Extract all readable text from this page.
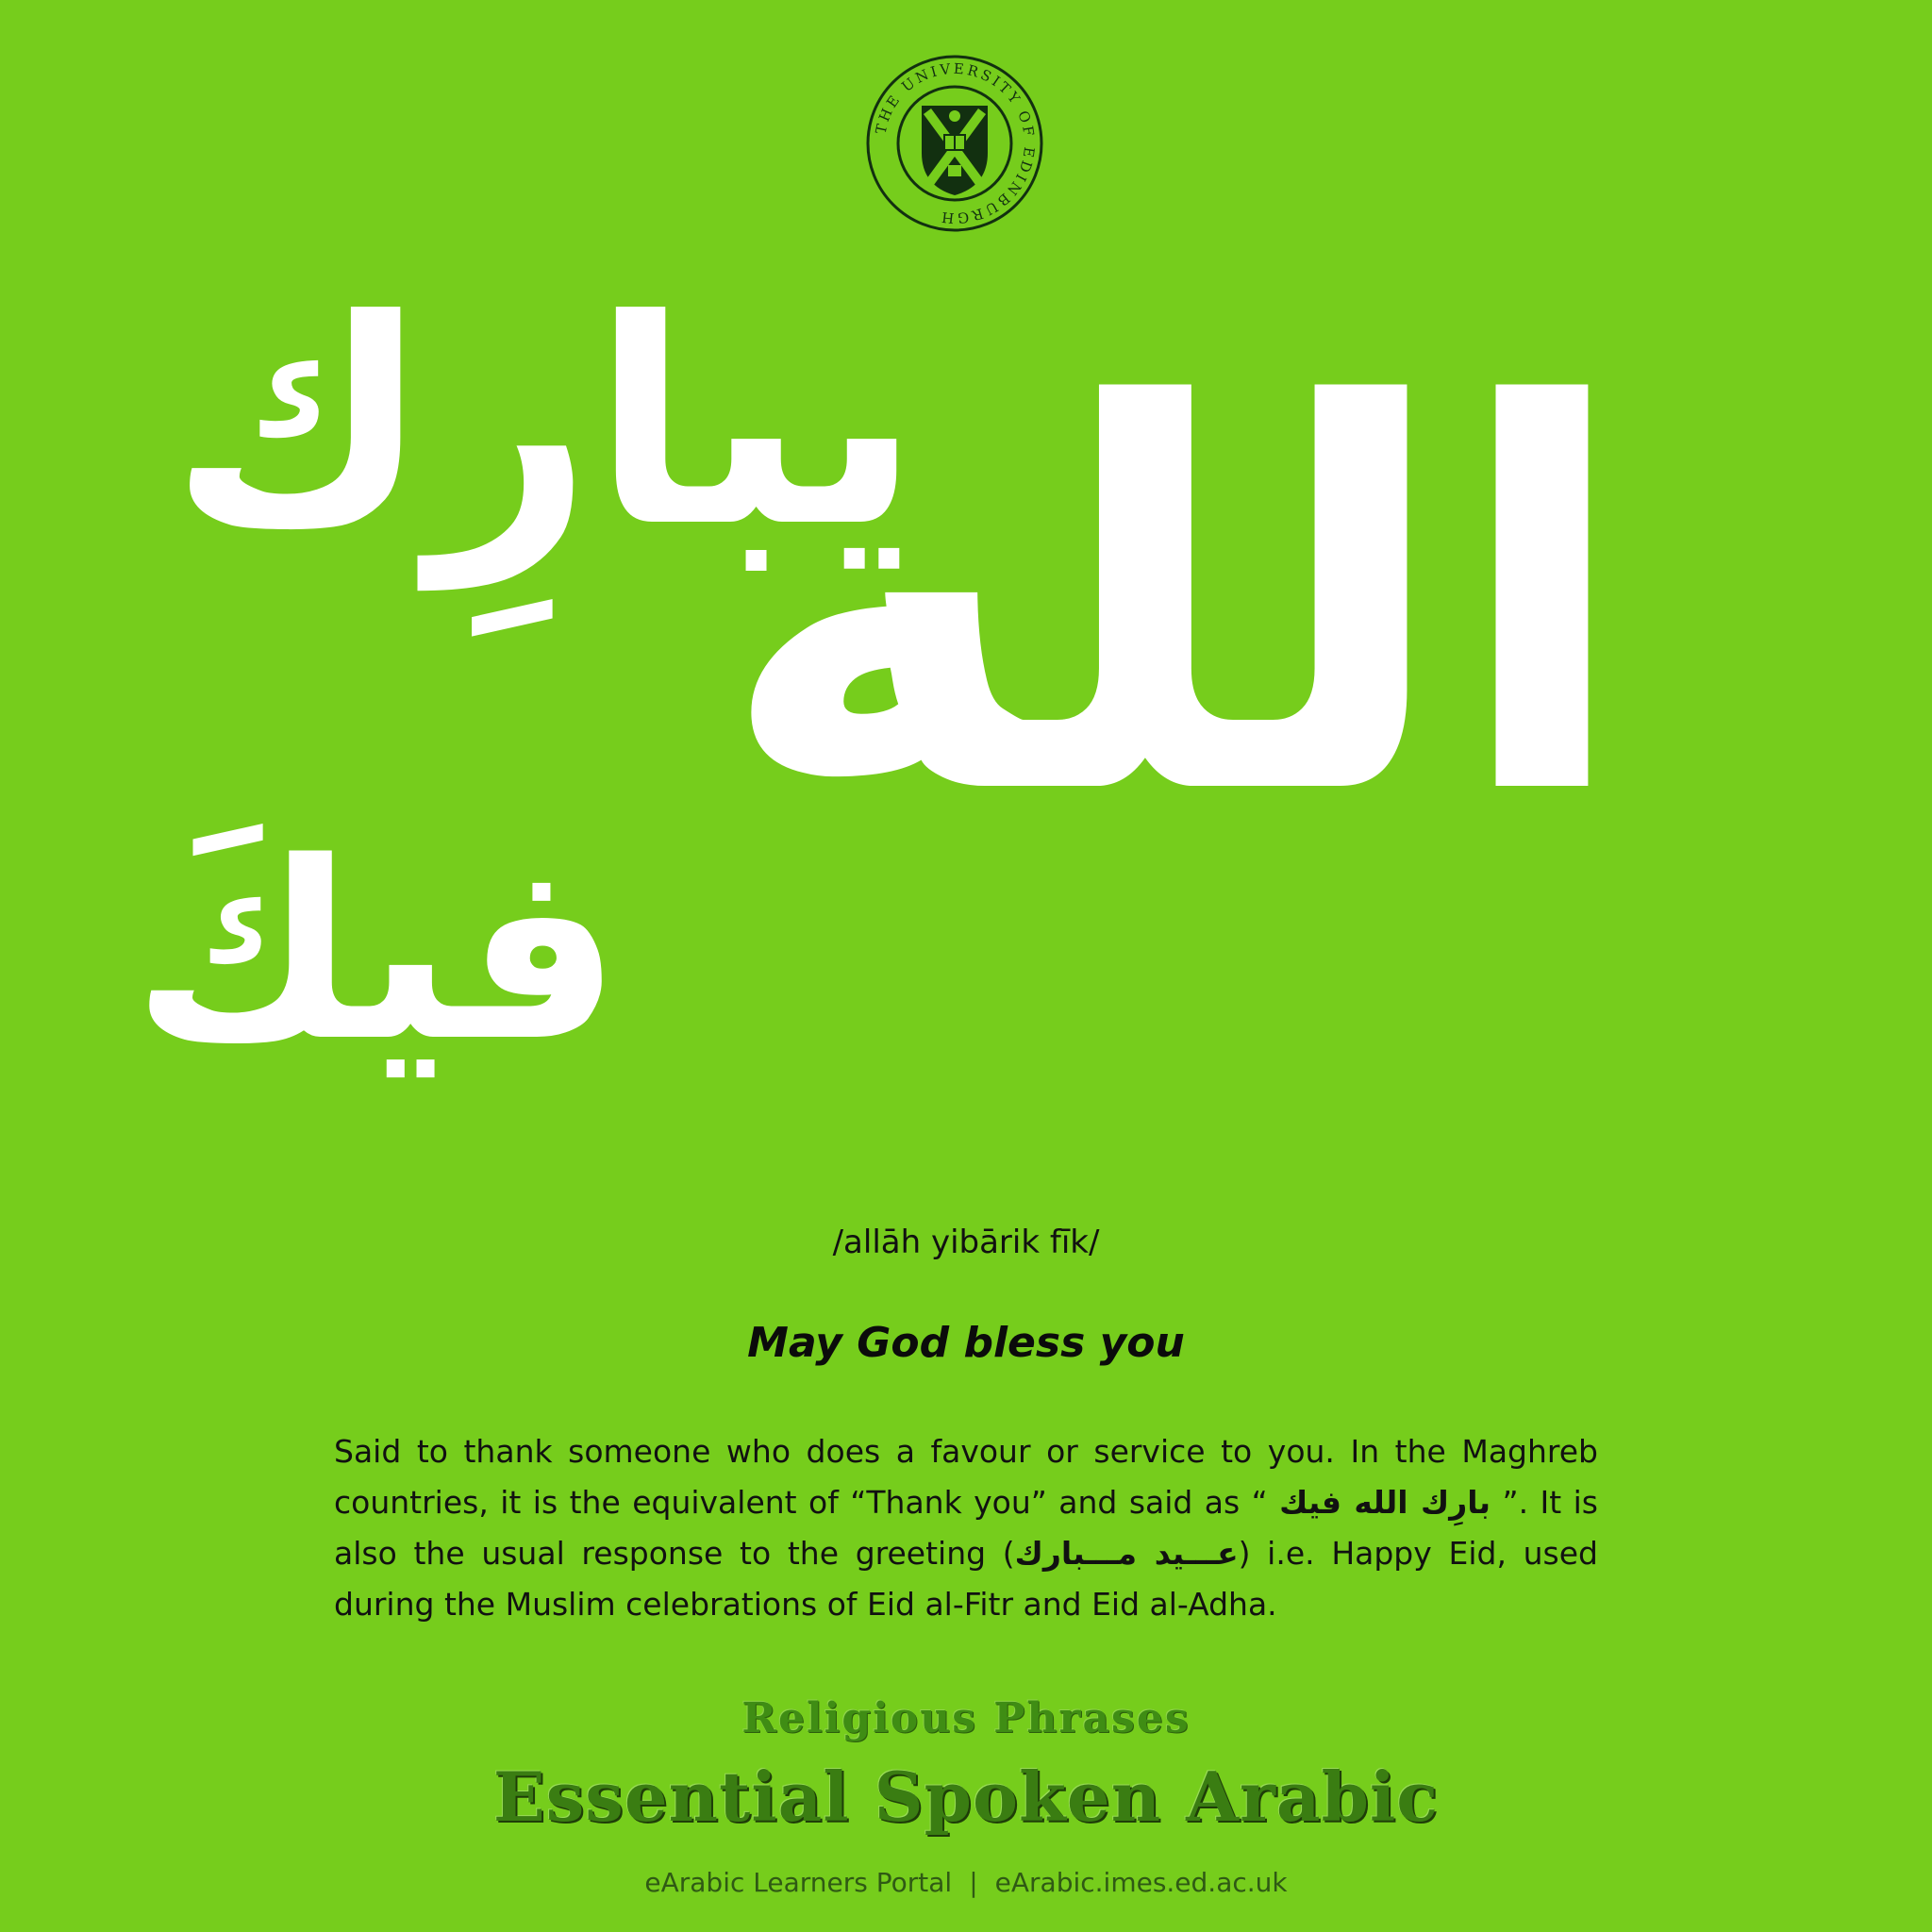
THE UNIVERSITY OF EDINBURGH
الله
يبارِك
فيكَ
/allāh yibārik fīk/
May God bless you
Said to thank someone who does a favour or service to you. In the Maghreb countries, it is the equivalent of “Thank you” and said as “ بارِك الله فيك ”. It is also the usual response to the greeting (عـــيد مـــبارك) i.e. Happy Eid, used during the Muslim celebrations of Eid al-Fitr and Eid al-Adha.
Religious Phrases
Essential Spoken Arabic
eArabic Learners Portal | eArabic.imes.ed.ac.uk
